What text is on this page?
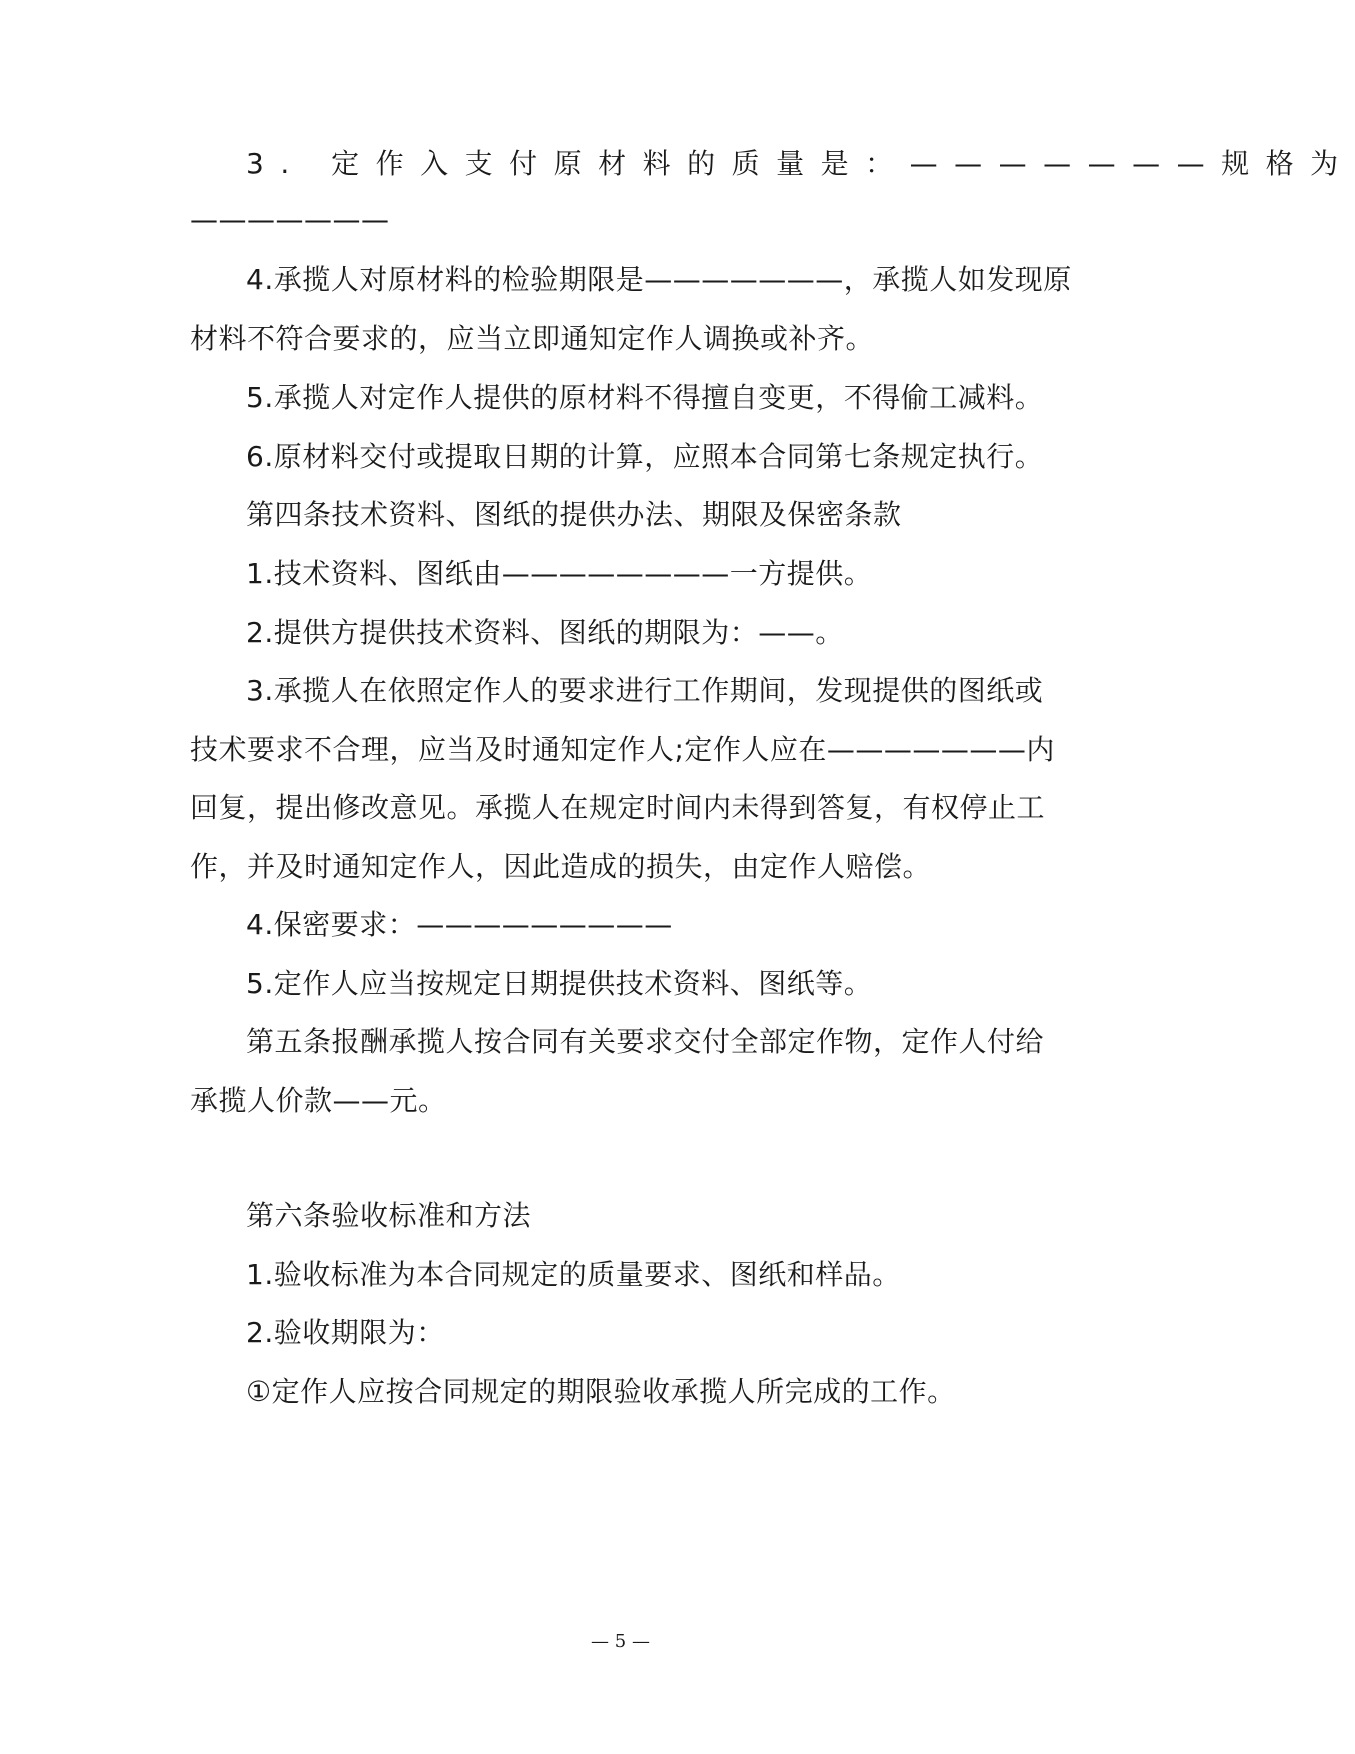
3. 定作入支付原材料的质量是：———————规格为
———————
4.承揽人对原材料的检验期限是———————，承揽人如发现原
材料不符合要求的，应当立即通知定作人调换或补齐。
5.承揽人对定作人提供的原材料不得擅自变更，不得偷工减料。
6.原材料交付或提取日期的计算，应照本合同第七条规定执行。
第四条技术资料、图纸的提供办法、期限及保密条款
1.技术资料、图纸由————————一方提供。
2.提供方提供技术资料、图纸的期限为：——。
3.承揽人在依照定作人的要求进行工作期间，发现提供的图纸或
技术要求不合理，应当及时通知定作人;定作人应在———————内
回复，提出修改意见。承揽人在规定时间内未得到答复，有权停止工
作，并及时通知定作人，因此造成的损失，由定作人赔偿。
4.保密要求：—————————
5.定作人应当按规定日期提供技术资料、图纸等。
第五条报酬承揽人按合同有关要求交付全部定作物，定作人付给
承揽人价款——元。
第六条验收标准和方法
1.验收标准为本合同规定的质量要求、图纸和样品。
2.验收期限为：
①定作人应按合同规定的期限验收承揽人所完成的工作。
— 5 —
